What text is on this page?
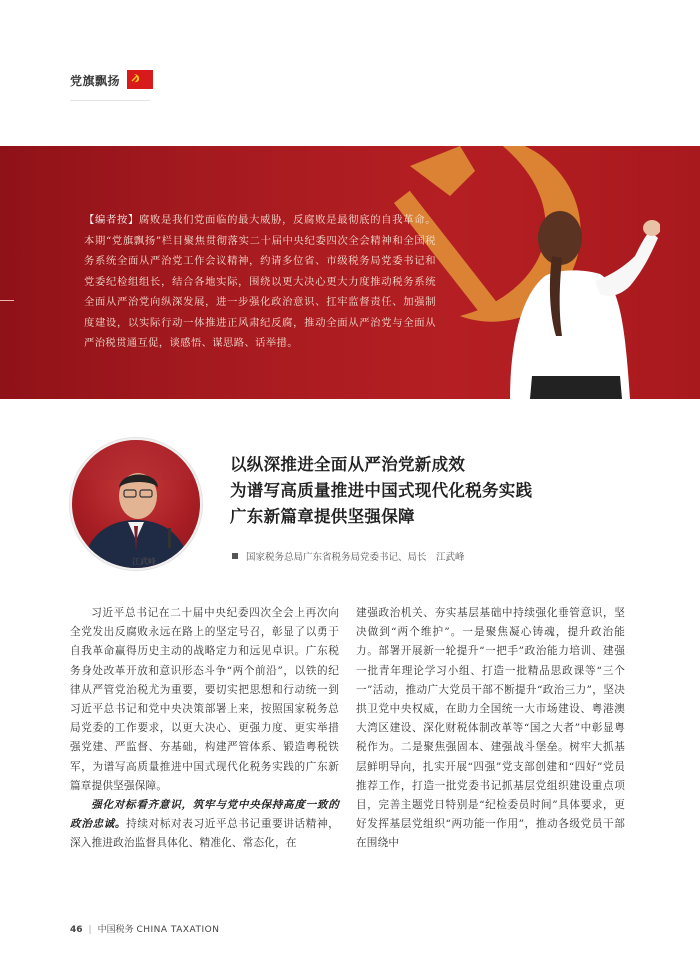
党旗飘扬
【编者按】腐败是我们党面临的最大威胁，反腐败是最彻底的自我革命。本期“党旗飘扬”栏目聚焦贯彻落实二十届中央纪委四次全会精神和全国税务系统全面从严治党工作会议精神，约请多位省、市级税务局党委书记和党委纪检组组长，结合各地实际，围绕以更大决心更大力度推动税务系统全面从严治党向纵深发展，进一步强化政治意识、扛牢监督责任、加强制度建设，以实际行动一体推进正风肃纪反腐，推动全面从严治党与全面从严治税贯通互促，谈感悟、谋思路、话举措。
江武峰
以纵深推进全面从严治党新成效
为谱写高质量推进中国式现代化税务实践
广东新篇章提供坚强保障
国家税务总局广东省税务局党委书记、局长　江武峰

习近平总书记在二十届中央纪委四次全会上再次向全党发出反腐败永远在路上的坚定号召，彰显了以勇于自我革命赢得历史主动的战略定力和远见卓识。广东税务身处改革开放和意识形态斗争“两个前沿”，以铁的纪律从严管党治税尤为重要，要切实把思想和行动统一到习近平总书记和党中央决策部署上来，按照国家税务总局党委的工作要求，以更大决心、更强力度、更实举措强党建、严监督、夯基础，构建严管体系、锻造粤税铁军，为谱写高质量推进中国式现代化税务实践的广东新篇章提供坚强保障。

强化对标看齐意识，筑牢与党中央保持高度一致的政治忠诚。持续对标对表习近平总书记重要讲话精神，深入推进政治监督具体化、精准化、常态化，在

建强政治机关、夯实基层基础中持续强化垂管意识，坚决做到“两个维护”。一是聚焦凝心铸魂，提升政治能力。部署开展新一轮提升“一把手”政治能力培训、建强一批青年理论学习小组、打造一批精品思政课等“三个一”活动，推动广大党员干部不断提升“政治三力”，坚决拱卫党中央权威，在助力全国统一大市场建设、粤港澳大湾区建设、深化财税体制改革等“国之大者”中彰显粤税作为。二是聚焦强固本、建强战斗堡垒。树牢大抓基层鲜明导向，扎实开展“四强”党支部创建和“四好”党员推荐工作，打造一批党委书记抓基层党组织建设重点项目，完善主题党日特别是“纪检委员时间”具体要求，更好发挥基层党组织“两功能一作用”，推动各级党员干部在围绕中

46 | 中国税务 CHINA TAXATION
